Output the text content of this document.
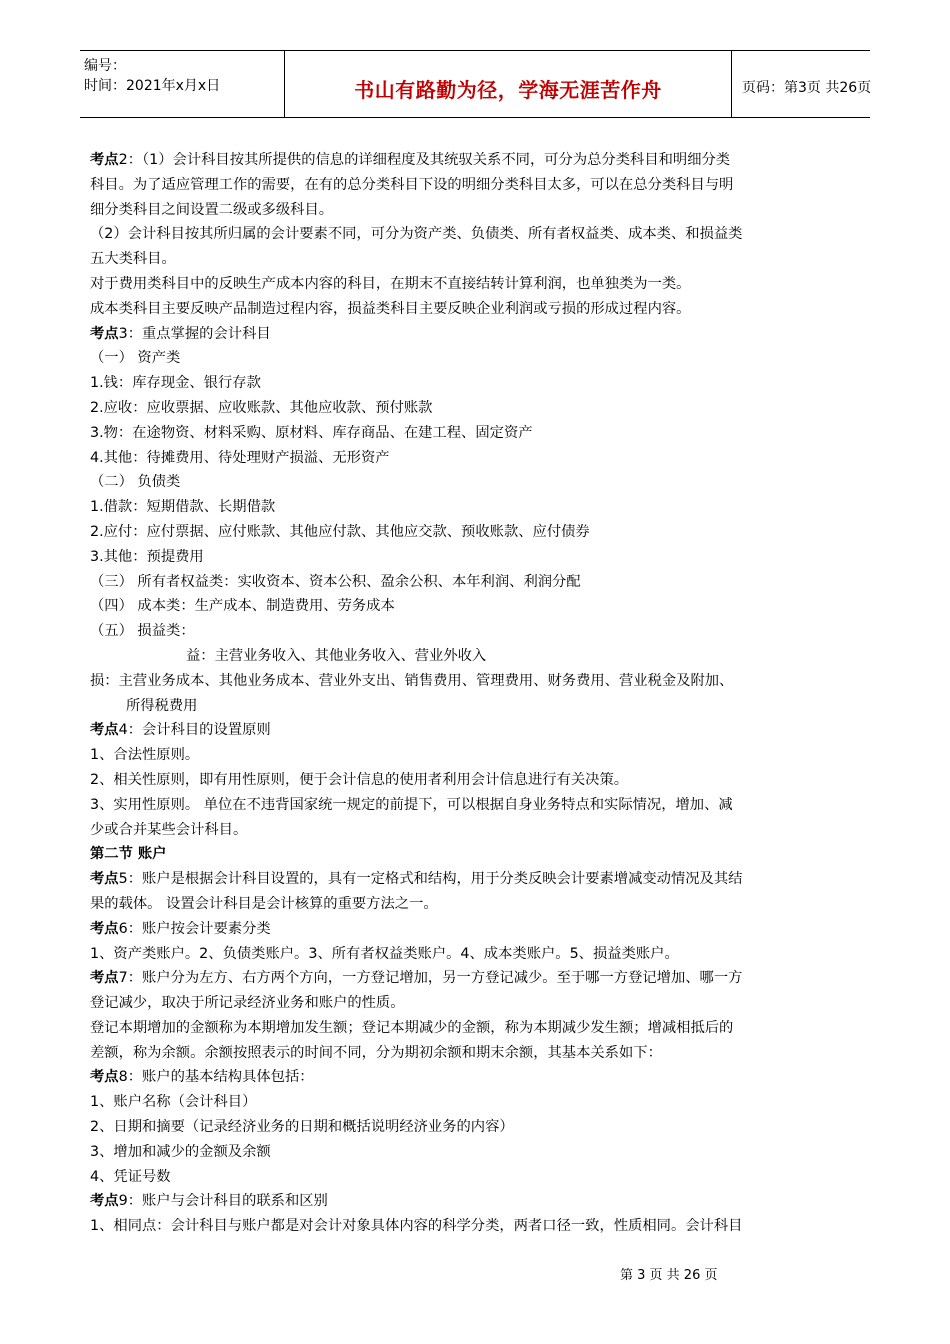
编号：
时间：2021年x月x日	书山有路勤为径，学海无涯苦作舟	页码：第3页 共26页
考点2：（1）会计科目按其所提供的信息的详细程度及其统驭关系不同，可分为总分类科目和明细分类
科目。为了适应管理工作的需要，在有的总分类科目下设的明细分类科目太多，可以在总分类科目与明
细分类科目之间设置二级或多级科目。
（2）会计科目按其所归属的会计要素不同，可分为资产类、负债类、所有者权益类、成本类、和损益类
五大类科目。
对于费用类科目中的反映生产成本内容的科目，在期末不直接结转计算利润，也单独类为一类。
成本类科目主要反映产品制造过程内容，损益类科目主要反映企业利润或亏损的形成过程内容。
考点3：重点掌握的会计科目
（一） 资产类
1.钱：库存现金、银行存款
2.应收：应收票据、应收账款、其他应收款、预付账款
3.物：在途物资、材料采购、原材料、库存商品、在建工程、固定资产
4.其他：待摊费用、待处理财产损溢、无形资产
（二） 负债类
1.借款：短期借款、长期借款
2.应付：应付票据、应付账款、其他应付款、其他应交款、预收账款、应付债券
3.其他：预提费用
（三） 所有者权益类：实收资本、资本公积、盈余公积、本年利润、利润分配
（四） 成本类：生产成本、制造费用、劳务成本
（五） 损益类：
益：主营业务收入、其他业务收入、营业外收入
损：主营业务成本、其他业务成本、营业外支出、销售费用、管理费用、财务费用、营业税金及附加、
所得税费用
考点4：会计科目的设置原则
1、合法性原则。
2、相关性原则，即有用性原则，便于会计信息的使用者利用会计信息进行有关决策。
3、实用性原则。 单位在不违背国家统一规定的前提下，可以根据自身业务特点和实际情况，增加、减
少或合并某些会计科目。
第二节 账户
考点5：账户是根据会计科目设置的，具有一定格式和结构，用于分类反映会计要素增减变动情况及其结
果的载体。 设置会计科目是会计核算的重要方法之一。
考点6：账户按会计要素分类
1、资产类账户。2、负债类账户。3、所有者权益类账户。4、成本类账户。5、损益类账户。
考点7：账户分为左方、右方两个方向，一方登记增加，另一方登记减少。至于哪一方登记增加、哪一方
登记减少，取决于所记录经济业务和账户的性质。
登记本期增加的金额称为本期增加发生额；登记本期减少的金额，称为本期减少发生额；增减相抵后的
差额，称为余额。余额按照表示的时间不同，分为期初余额和期末余额，其基本关系如下：
考点8：账户的基本结构具体包括：
1、账户名称（会计科目）
2、日期和摘要（记录经济业务的日期和概括说明经济业务的内容）
3、增加和减少的金额及余额
4、凭证号数
考点9：账户与会计科目的联系和区别
1、相同点：会计科目与账户都是对会计对象具体内容的科学分类，两者口径一致，性质相同。会计科目
第 3 页 共 26 页
